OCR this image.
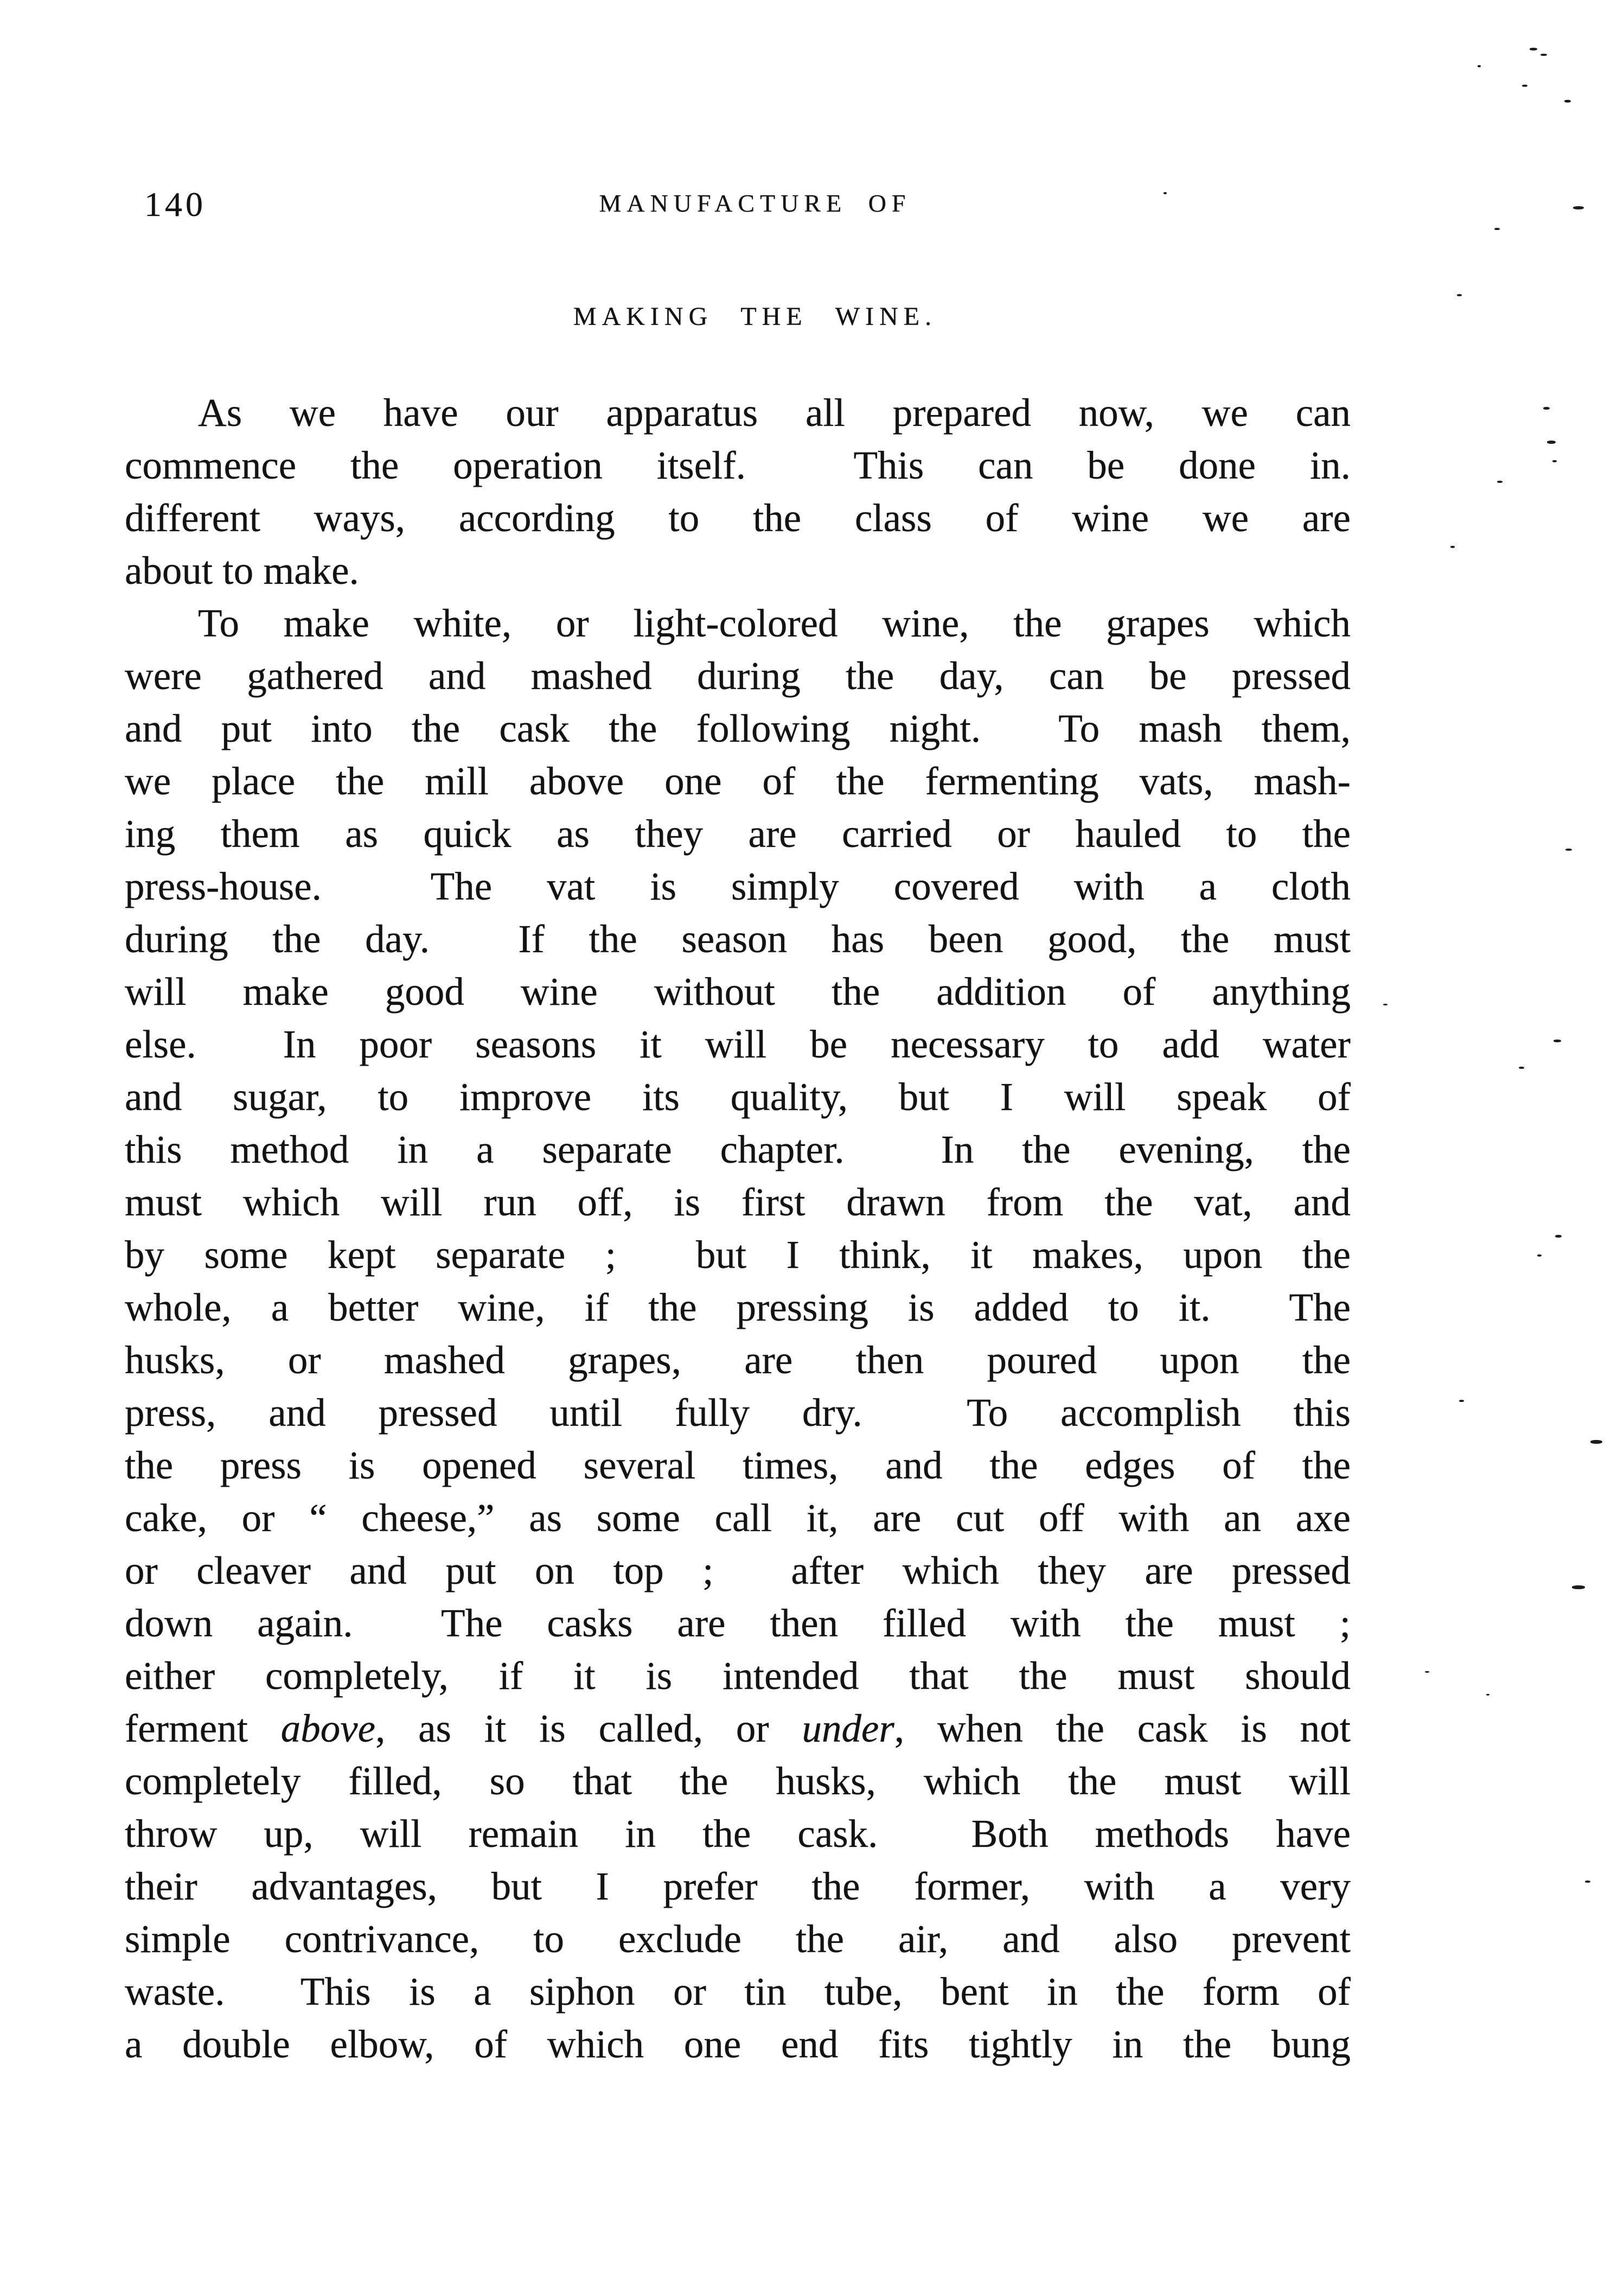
140	MANUFACTURE OF
MAKING THE WINE.
As we have our apparatus all prepared now, we can
commence the operation itself.  This can be done in.
different ways, according to the class of wine we are
about to make.
To make white, or light-colored wine, the grapes which
were gathered and mashed during the day, can be pressed
and put into the cask the following night.  To mash them,
we place the mill above one of the fermenting vats, mash-
ing them as quick as they are carried or hauled to the
press-house.  The vat is simply covered with a cloth
during the day.  If the season has been good, the must
will make good wine without the addition of anything
else.  In poor seasons it will be necessary to add water
and sugar, to improve its quality, but I will speak of
this method in a separate chapter.  In the evening, the
must which will run off, is first drawn from the vat, and
by some kept separate ;  but I think, it makes, upon the
whole, a better wine, if the pressing is added to it.  The
husks, or mashed grapes, are then poured upon the
press, and pressed until fully dry.  To accomplish this
the press is opened several times, and the edges of the
cake, or “ cheese,” as some call it, are cut off with an axe
or cleaver and put on top ;  after which they are pressed
down again.  The casks are then filled with the must ;
either completely, if it is intended that the must should
ferment above, as it is called, or under, when the cask is not
completely filled, so that the husks, which the must will
throw up, will remain in the cask.  Both methods have
their advantages, but I prefer the former, with a very
simple contrivance, to exclude the air, and also prevent
waste.  This is a siphon or tin tube, bent in the form of
a double elbow, of which one end fits tightly in the bung
